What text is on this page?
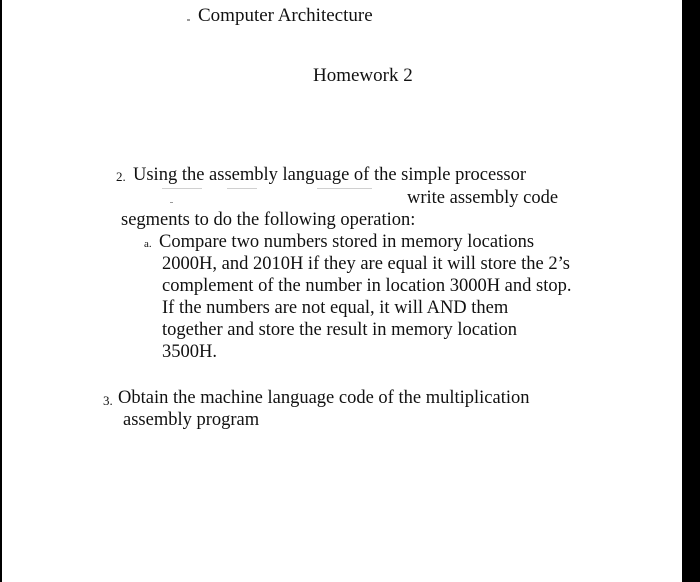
Computer Architecture
Homework 2
2. Using the assembly language of the simple processor
write assembly code
segments to do the following operation:
a. Compare two numbers stored in memory locations
2000H, and 2010H if they are equal it will store the 2’s
complement of the number in location 3000H and stop.
If the numbers are not equal, it will AND them
together and store the result in memory location
3500H.
3. Obtain the machine language code of the multiplication
assembly program
